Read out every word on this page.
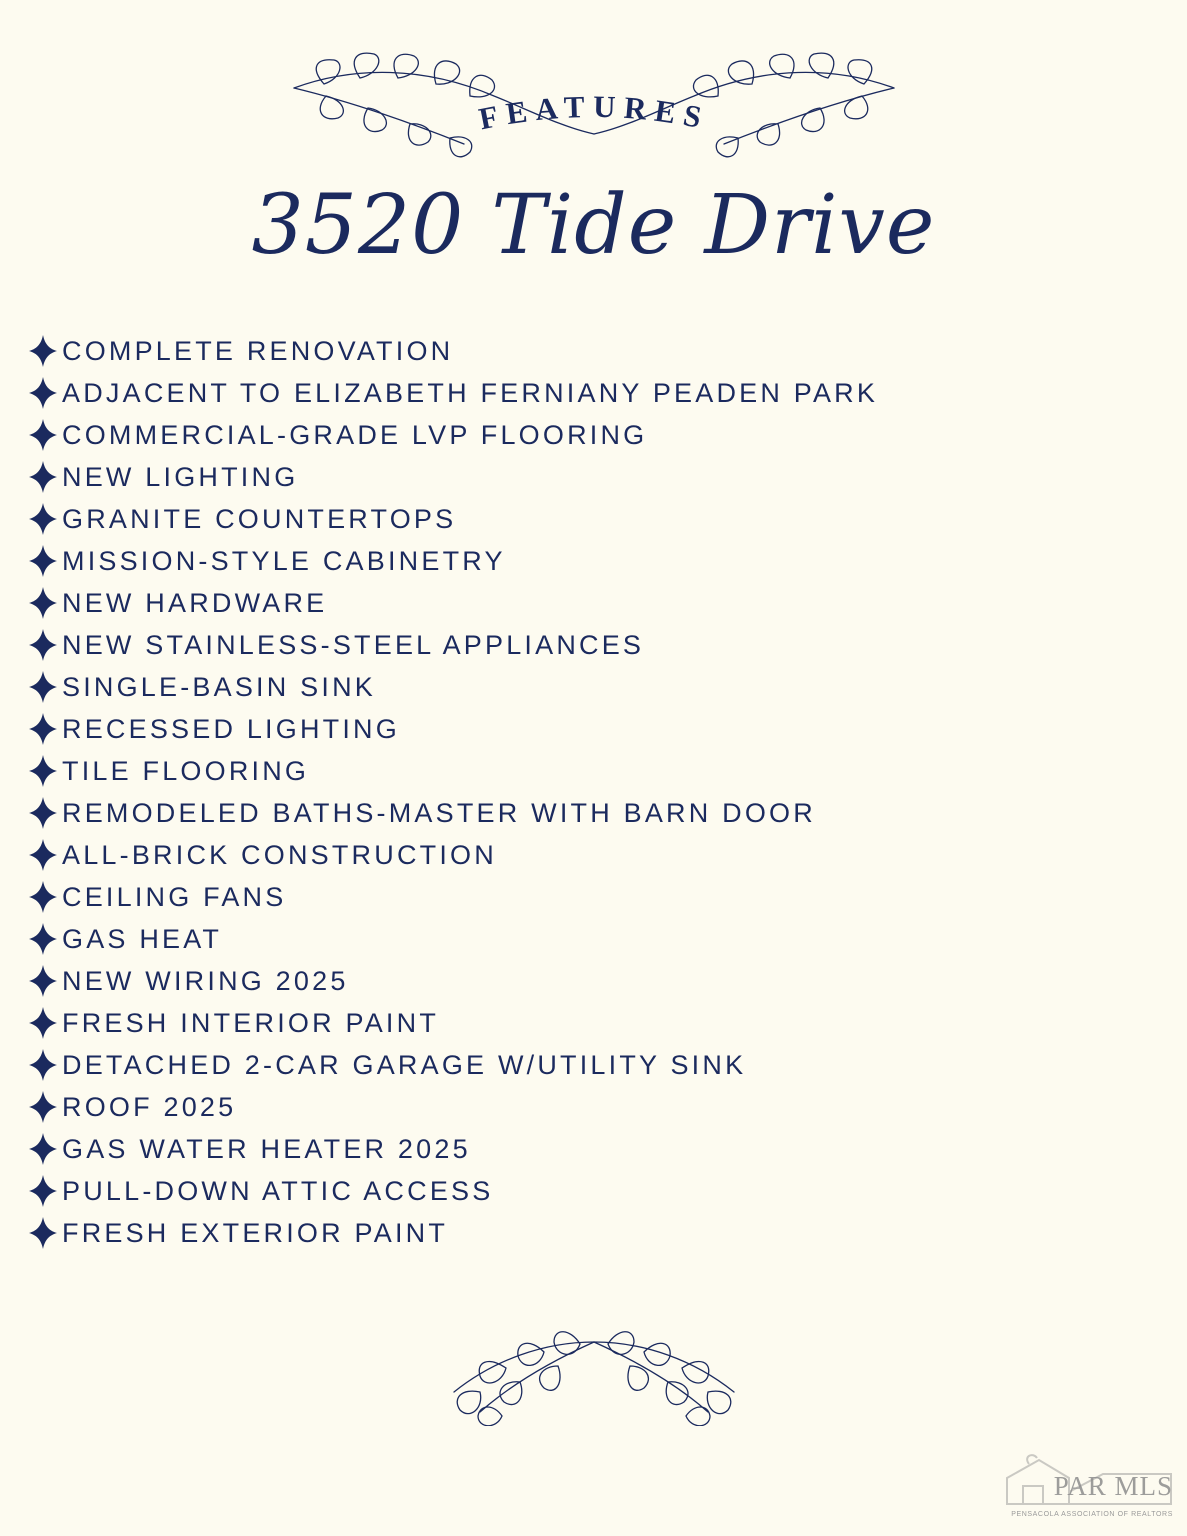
FEATURES
3520 Tide Drive
COMPLETE RENOVATION
ADJACENT TO ELIZABETH FERNIANY PEADEN PARK
COMMERCIAL-GRADE LVP FLOORING
NEW LIGHTING
GRANITE COUNTERTOPS
MISSION-STYLE CABINETRY
NEW HARDWARE
NEW STAINLESS-STEEL APPLIANCES
SINGLE-BASIN SINK
RECESSED LIGHTING
TILE FLOORING
REMODELED BATHS-MASTER WITH BARN DOOR
ALL-BRICK CONSTRUCTION
CEILING FANS
GAS HEAT
NEW WIRING 2025
FRESH INTERIOR PAINT
DETACHED 2-CAR GARAGE W/UTILITY SINK
ROOF 2025
GAS WATER HEATER 2025
PULL-DOWN ATTIC ACCESS
FRESH EXTERIOR PAINT
PAR MLS
PENSACOLA ASSOCIATION OF REALTORS
